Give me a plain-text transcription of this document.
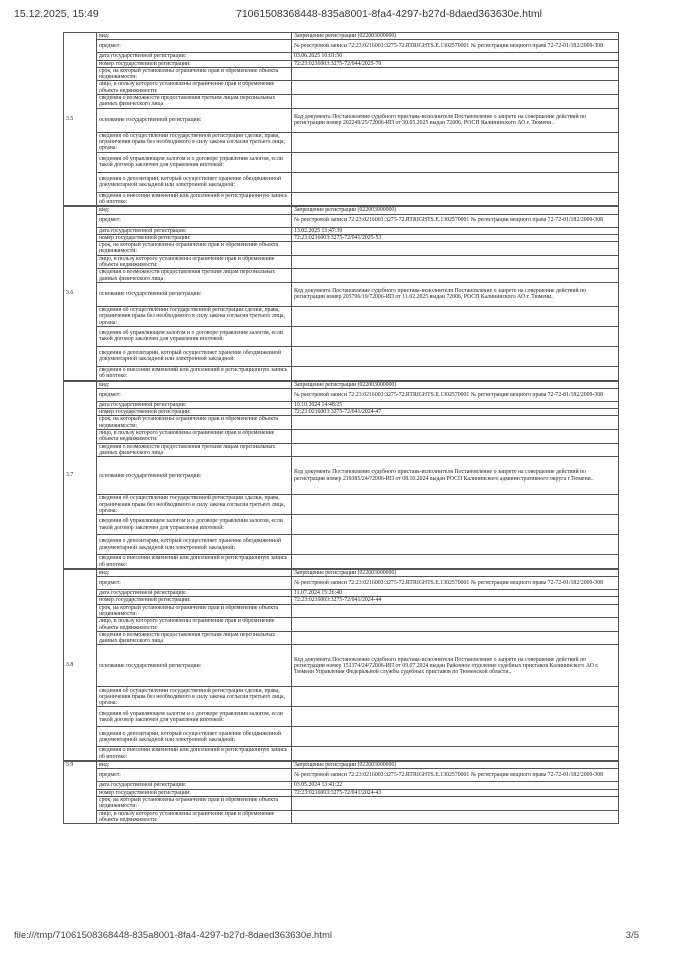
15.12.2025, 15:49	71061508368448-835a8001-8fa4-4297-b27d-8daed363630e.html
3.5	вид:	Запрещение регистрации (022003000000)
	предмет:	№ реестровой записи 72:23:0216003:3275-72.RTRIGHTS.E.1302570001 № регистрации вещного права 72-72-01/182/2009-308
	дата государственной регистрации:	03.06.2025 10:01:56
	номер государственной регистрации:	72:23:0216003:3275-72/044/2025-70
	срок, на который установлены ограничение прав и обременение объекта недвижимости:	
	лицо, в пользу которого установлены ограничение прав и обременение объекта недвижимости:	
	сведения о возможности предоставления третьим лицам персональных данных физического лица	
	основание государственной регистрации:	Код документа Постановление судебного пристава-исполнителя Постановление о запрете на совершение действий по регистрации номер 202249/25/72006-ИП от 30.05.2025 выдан 72006, РОСП Калининского АО г. Тюмени..
	сведения об осуществлении государственной регистрации сделки, права, ограничения права без необходимого в силу закона согласия третьего лица, органа:	
	сведения об управляющем залогом и о договоре управления залогом, если такой договор заключен для управления ипотекой:	
	сведения о депозитарии, который осуществляет хранение обездвиженной документарной закладной или электронной закладной:	
	сведения о внесении изменений или дополнений в регистрационную запись об ипотеке:	
3.6	вид:	Запрещение регистрации (022003000000)
	предмет:	№ реестровой записи 72:23:0216003:3275-72.RTRIGHTS.E.1302570001 № регистрации вещного права 72-72-01/182/2009-308
	дата государственной регистрации:	13.02.2025 13:47:39
	номер государственной регистрации:	72:23:0216003:3275-72/041/2025-53
	срок, на который установлены ограничение прав и обременение объекта недвижимости:	
	лицо, в пользу которого установлены ограничение прав и обременение объекта недвижимости:	
	сведения о возможности предоставления третьим лицам персональных данных физического лица	
	основание государственной регистрации:	Код документа Постановление судебного пристава-исполнителя Постановление о запрете на совершение действий по регистрации номер 205796/19/72006-ИП от 11.02.2025 выдан 72006, РОСП Калининского АО г. Тюмени..
	сведения об осуществлении государственной регистрации сделки, права, ограничения права без необходимого в силу закона согласия третьего лица, органа:	
	сведения об управляющем залогом и о договоре управления залогом, если такой договор заключен для управления ипотекой:	
	сведения о депозитарии, который осуществляет хранение обездвиженной документарной закладной или электронной закладной:	
	сведения о внесении изменений или дополнений в регистрационную запись об ипотеке:	
3.7	вид:	Запрещение регистрации (022003000000)
	предмет:	№ реестровой записи 72:23:0216003:3275-72.RTRIGHTS.E.1302570001 № регистрации вещного права 72-72-01/182/2009-308
	дата государственной регистрации:	10.10.2024 14:48:25
	номер государственной регистрации:	72:23:0216003:3275-72/041/2024-47
	срок, на который установлены ограничение прав и обременение объекта недвижимости:	
	лицо, в пользу которого установлены ограничение прав и обременение объекта недвижимости:	
	сведения о возможности предоставления третьим лицам персональных данных физического лица	
	основание государственной регистрации:	Код документа Постановление судебного пристава-исполнителя Постановление о запрете на совершение действий по регистрации номер 219385/24/72006-ИП от 08.10.2024 выдан РОСП Калининского административного округа г.Тюмени..
	сведения об осуществлении государственной регистрации сделки, права, ограничения права без необходимого в силу закона согласия третьего лица, органа:	
	сведения об управляющем залогом и о договоре управления залогом, если такой договор заключен для управления ипотекой:	
	сведения о депозитарии, который осуществляет хранение обездвиженной документарной закладной или электронной закладной:	
	сведения о внесении изменений или дополнений в регистрационную запись об ипотеке:	
3.8	вид:	Запрещение регистрации (022003000000)
	предмет:	№ реестровой записи 72:23:0216003:3275-72.RTRIGHTS.E.1302570001 № регистрации вещного права 72-72-01/182/2009-308
	дата государственной регистрации:	11.07.2024 15:26:40
	номер государственной регистрации:	72:23:0216003:3275-72/041/2024-44
	срок, на который установлены ограничение прав и обременение объекта недвижимости:	
	лицо, в пользу которого установлены ограничение прав и обременение объекта недвижимости:	
	сведения о возможности предоставления третьим лицам персональных данных физического лица	
	основание государственной регистрации:	Код документа Постановление судебного пристава-исполнителя Постановление о запрете на совершение действий по регистрации номер 151374/24/72006-ИП от 09.07.2024 выдан Районное отделение судебных приставов Калининского АО г. Тюмени Управления Федеральной службы судебных приставов по Тюменской области..
	сведения об осуществлении государственной регистрации сделки, права, ограничения права без необходимого в силу закона согласия третьего лица, органа:	
	сведения об управляющем залогом и о договоре управления залогом, если такой договор заключен для управления ипотекой:	
	сведения о депозитарии, который осуществляет хранение обездвиженной документарной закладной или электронной закладной:	
	сведения о внесении изменений или дополнений в регистрационную запись об ипотеке:	
3.9	вид:	Запрещение регистрации (022003000000)
	предмет:	№ реестровой записи 72:23:0216003:3275-72.RTRIGHTS.E.1302570001 № регистрации вещного права 72-72-01/182/2009-308
	дата государственной регистрации:	03.05.2024 13:41:22
	номер государственной регистрации:	72:23:0216003:3275-72/041/2024-43
	срок, на который установлены ограничение прав и обременение объекта недвижимости:	
	лицо, в пользу которого установлены ограничение прав и обременение объекта недвижимости:	
file:///tmp/71061508368448-835a8001-8fa4-4297-b27d-8daed363630e.html	3/5
